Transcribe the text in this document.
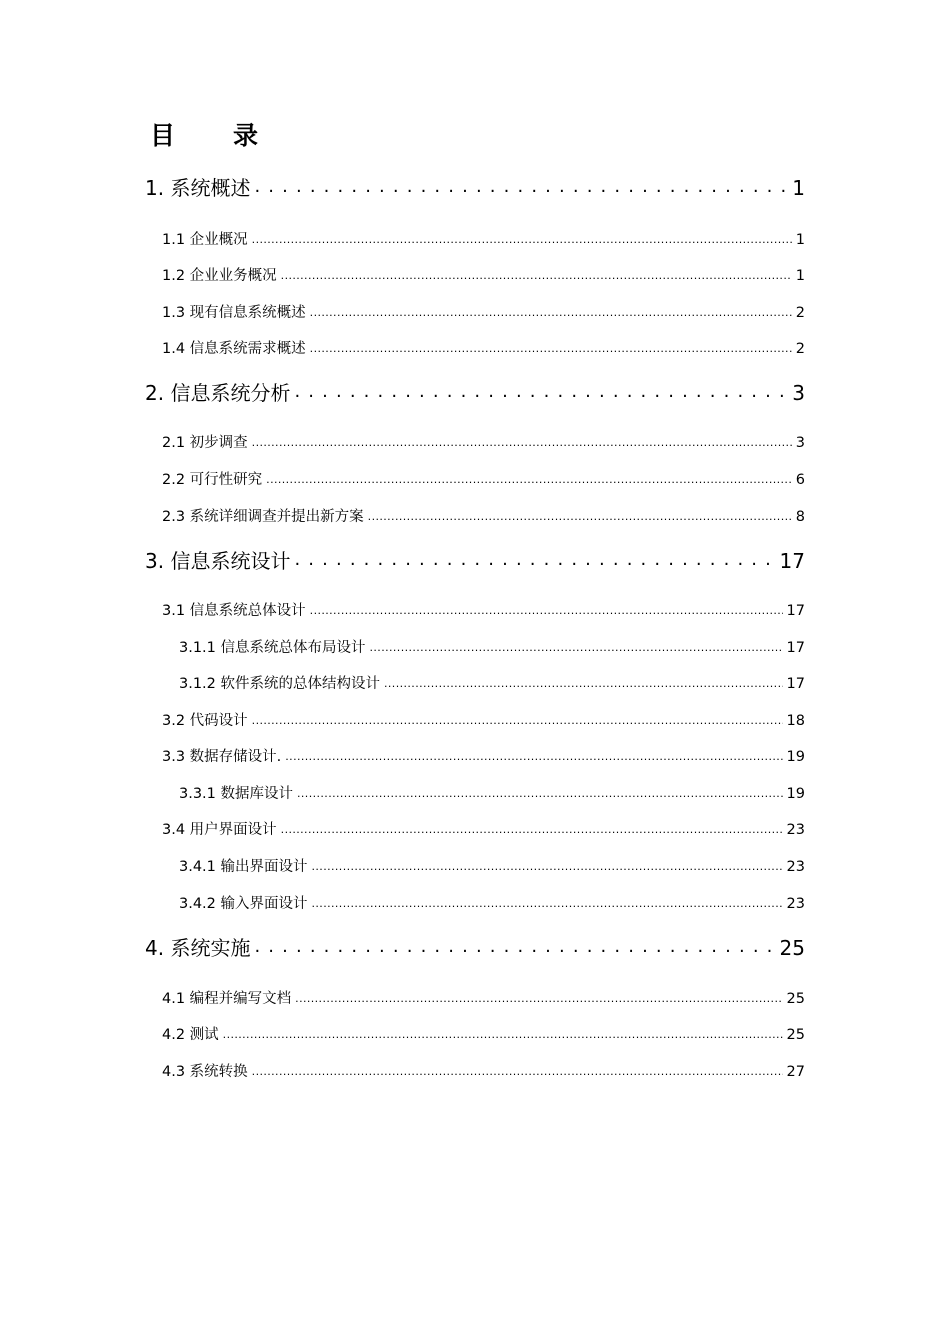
目 录
1. 系统概述 . . .	1
1.1 企业概况 .....	1
1.2 企业业务概况 .....	1
1.3 现有信息系统概述 .....	2
1.4 信息系统需求概述 .....	2
2. 信息系统分析 . . .	3
2.1 初步调查 .....	3
2.2 可行性研究 .....	6
2.3 系统详细调查并提出新方案 .....	8
3. 信息系统设计 . . .	17
3.1 信息系统总体设计 .....	17
3.1.1 信息系统总体布局设计 .....	17
3.1.2 软件系统的总体结构设计 .....	17
3.2 代码设计 .....	18
3.3 数据存储设计. .....	19
3.3.1 数据库设计 .....	19
3.4 用户界面设计 .....	23
3.4.1 输出界面设计 .....	23
3.4.2 输入界面设计 .....	23
4. 系统实施 . . .	25
4.1 编程并编写文档 .....	25
4.2 测试 .....	25
4.3 系统转换 .....	27
